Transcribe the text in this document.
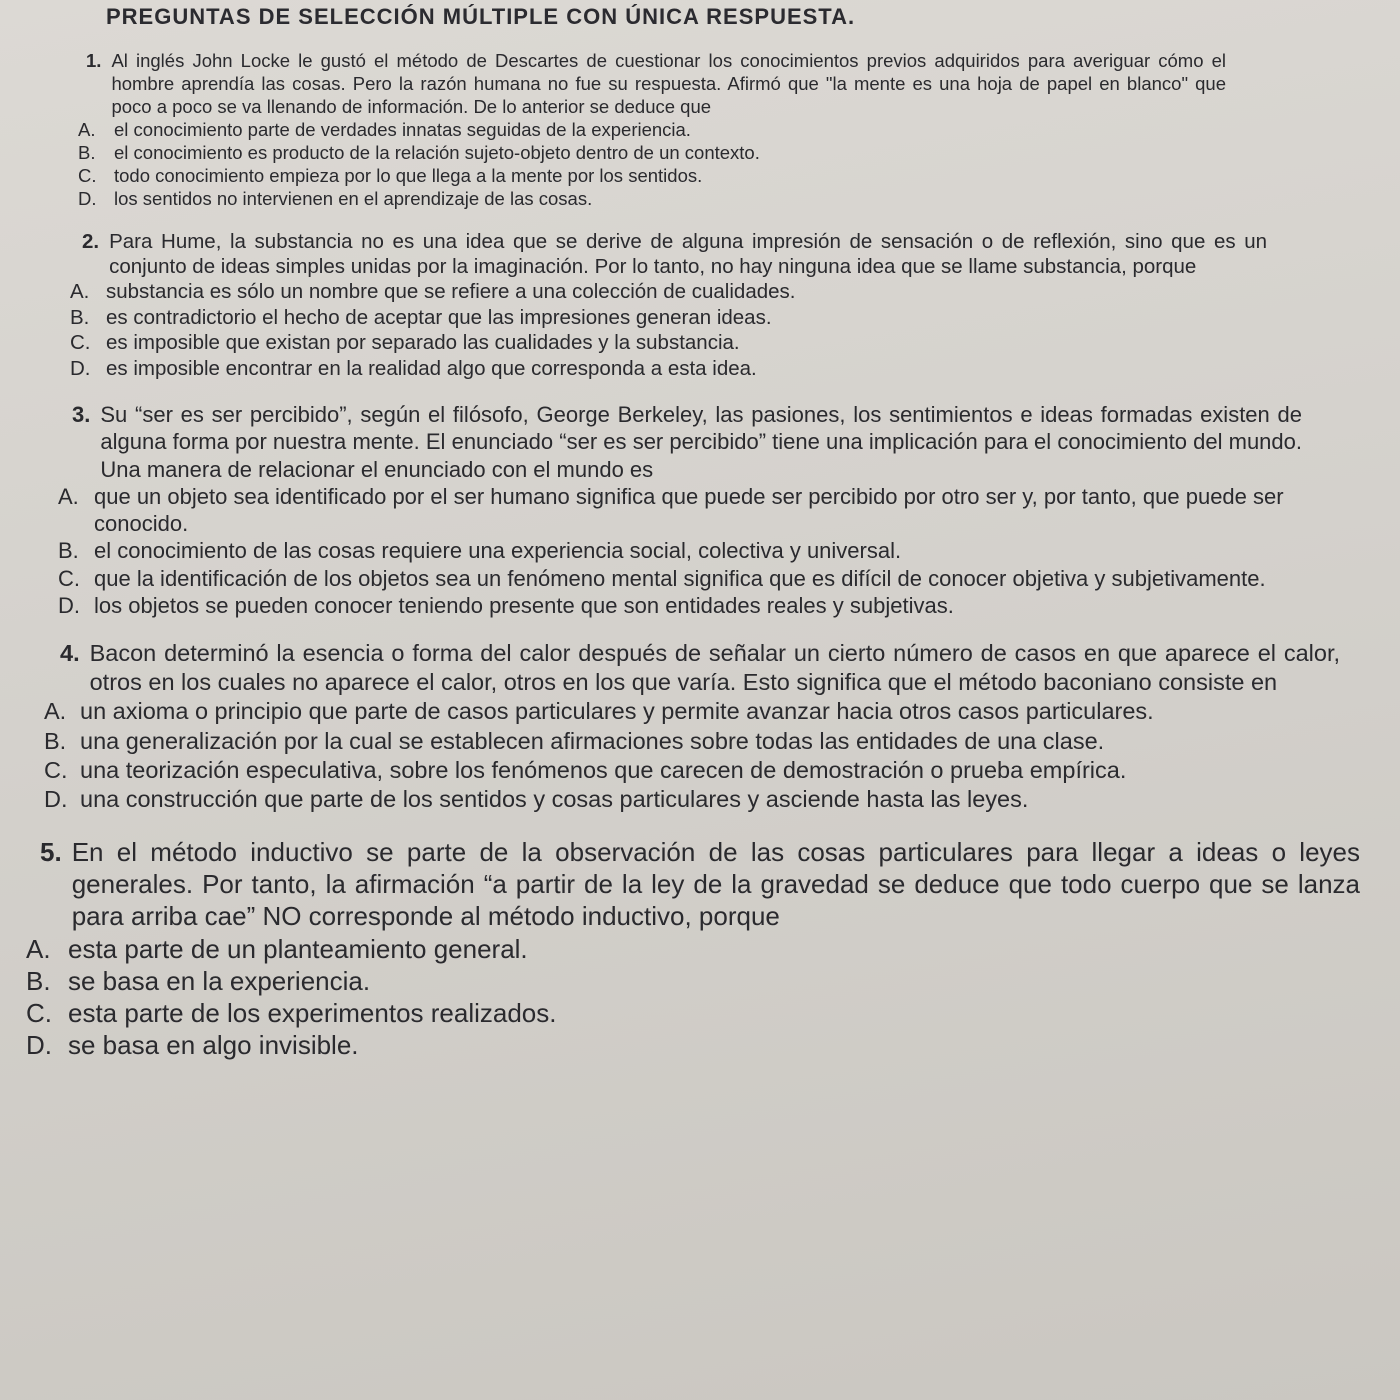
PREGUNTAS DE SELECCIÓN MÚLTIPLE CON ÚNICA RESPUESTA.
1. Al inglés John Locke le gustó el método de Descartes de cuestionar los conocimientos previos adquiridos para averiguar cómo el hombre aprendía las cosas. Pero la razón humana no fue su respuesta. Afirmó que "la mente es una hoja de papel en blanco" que poco a poco se va llenando de información. De lo anterior se deduce que
A.	el conocimiento parte de verdades innatas seguidas de la experiencia.
B.	el conocimiento es producto de la relación sujeto-objeto dentro de un contexto.
C. todo conocimiento empieza por lo que llega a la mente por los sentidos.
D. los sentidos no intervienen en el aprendizaje de las cosas.
2. Para Hume, la substancia no es una idea que se derive de alguna impresión de sensación o de reflexión, sino que es un conjunto de ideas simples unidas por la imaginación. Por lo tanto, no hay ninguna idea que se llame substancia, porque
A. substancia es sólo un nombre que se refiere a una colección de cualidades.
B. es contradictorio el hecho de aceptar que las impresiones generan ideas.
C. es imposible que existan por separado las cualidades y la substancia.
D. es imposible encontrar en la realidad algo que corresponda a esta idea.
3. Su “ser es ser percibido”, según el filósofo, George Berkeley, las pasiones, los sentimientos e ideas formadas existen de alguna forma por nuestra mente. El enunciado “ser es ser percibido” tiene una implicación para el conocimiento del mundo. Una manera de relacionar el enunciado con el mundo es
A. que un objeto sea identificado por el ser humano significa que puede ser percibido por otro ser y, por tanto, que puede ser conocido.
B. el conocimiento de las cosas requiere una experiencia social, colectiva y universal.
C. que la identificación de los objetos sea un fenómeno mental significa que es difícil de conocer objetiva y subjetivamente.
D. los objetos se pueden conocer teniendo presente que son entidades reales y subjetivas.
4. Bacon determinó la esencia o forma del calor después de señalar un cierto número de casos en que aparece el calor, otros en los cuales no aparece el calor, otros en los que varía. Esto significa que el método baconiano consiste en
A. un axioma o principio que parte de casos particulares y permite avanzar hacia otros casos particulares.
B. una generalización por la cual se establecen afirmaciones sobre todas las entidades de una clase.
C. una teorización especulativa, sobre los fenómenos que carecen de demostración o prueba empírica.
D. una construcción que parte de los sentidos y cosas particulares y asciende hasta las leyes.
5. En el método inductivo se parte de la observación de las cosas particulares para llegar a ideas o leyes generales. Por tanto, la afirmación “a partir de la ley de la gravedad se deduce que todo cuerpo que se lanza para arriba cae” NO corresponde al método inductivo, porque
A. esta parte de un planteamiento general.
B. se basa en la experiencia.
C. esta parte de los experimentos realizados.
D. se basa en algo invisible.
